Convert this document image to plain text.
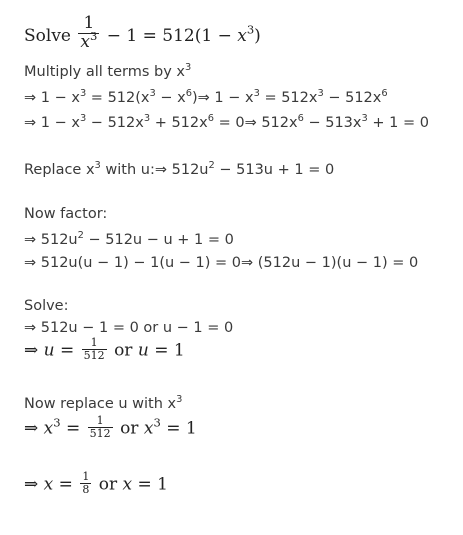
Solve $\frac{1}{x^3} - 1 = 512(1 - x^3)$
Multiply all terms by $x^3$
⇒ $1 - x^3 = 512(x^3$ − $x^6)\Rightarrow$ $1 - x^3 = 512x^3 - 512x^6$
⇒ $1 - x^3 - 512x^3 + 512x^6$ = 0⇒ $512x^6 - 513x^3 + 1 = 0$
Replace $x^3$ with u:⇒ $512u^2 - 513u + 1 = 0$
Now factor:
⇒ $512u^2 - 512u - u + 1 = 0$
⇒ 512u(u − 1) − 1(u − 1) = 0⇒ (512u − 1)(u − 1) = 0
Solve:
⇒ 512u − 1 = 0 or u − 1 = 0
⇒ $u = \frac{1}{512}$ or u = 1
Now replace u with $x^3$
⇒ $x^3 = \frac{1}{512}$ or $x^3 = 1$
⇒ $x = \frac{1}{8}$ or x = 1
